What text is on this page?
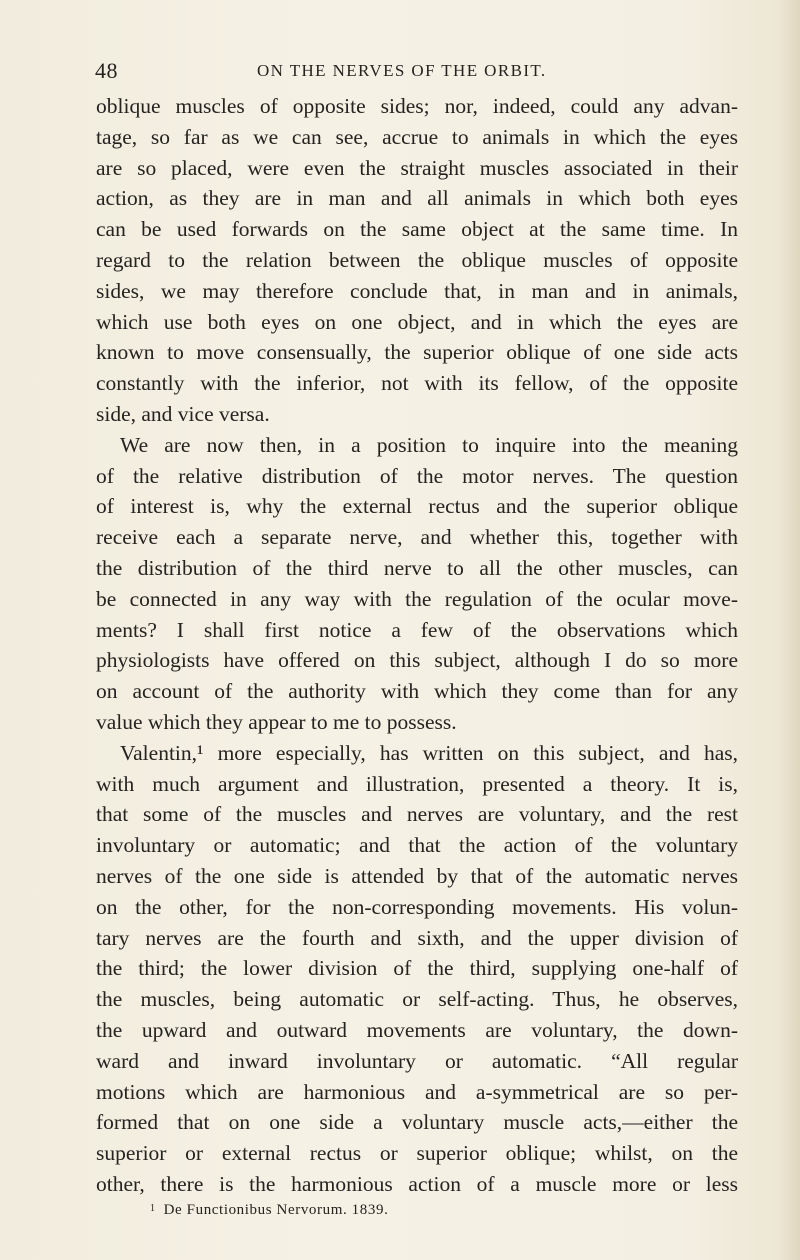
48	ON THE NERVES OF THE ORBIT.
oblique muscles of opposite sides; nor, indeed, could any advan-
tage, so far as we can see, accrue to animals in which the eyes
are so placed, were even the straight muscles associated in their
action, as they are in man and all animals in which both eyes
can be used forwards on the same object at the same time. In
regard to the relation between the oblique muscles of opposite
sides, we may therefore conclude that, in man and in animals,
which use both eyes on one object, and in which the eyes are
known to move consensually, the superior oblique of one side acts
constantly with the inferior, not with its fellow, of the opposite
side, and vice versa.
We are now then, in a position to inquire into the meaning
of the relative distribution of the motor nerves. The question
of interest is, why the external rectus and the superior oblique
receive each a separate nerve, and whether this, together with
the distribution of the third nerve to all the other muscles, can
be connected in any way with the regulation of the ocular move-
ments? I shall first notice a few of the observations which
physiologists have offered on this subject, although I do so more
on account of the authority with which they come than for any
value which they appear to me to possess.
Valentin,¹ more especially, has written on this subject, and has,
with much argument and illustration, presented a theory. It is,
that some of the muscles and nerves are voluntary, and the rest
involuntary or automatic; and that the action of the voluntary
nerves of the one side is attended by that of the automatic nerves
on the other, for the non-corresponding movements. His volun-
tary nerves are the fourth and sixth, and the upper division of
the third; the lower division of the third, supplying one-half of
the muscles, being automatic or self-acting. Thus, he observes,
the upward and outward movements are voluntary, the down-
ward and inward involuntary or automatic. “All regular
motions which are harmonious and a-symmetrical are so per-
formed that on one side a voluntary muscle acts,—either the
superior or external rectus or superior oblique; whilst, on the
other, there is the harmonious action of a muscle more or less
$^1$ De Functionibus Nervorum. 1839.
